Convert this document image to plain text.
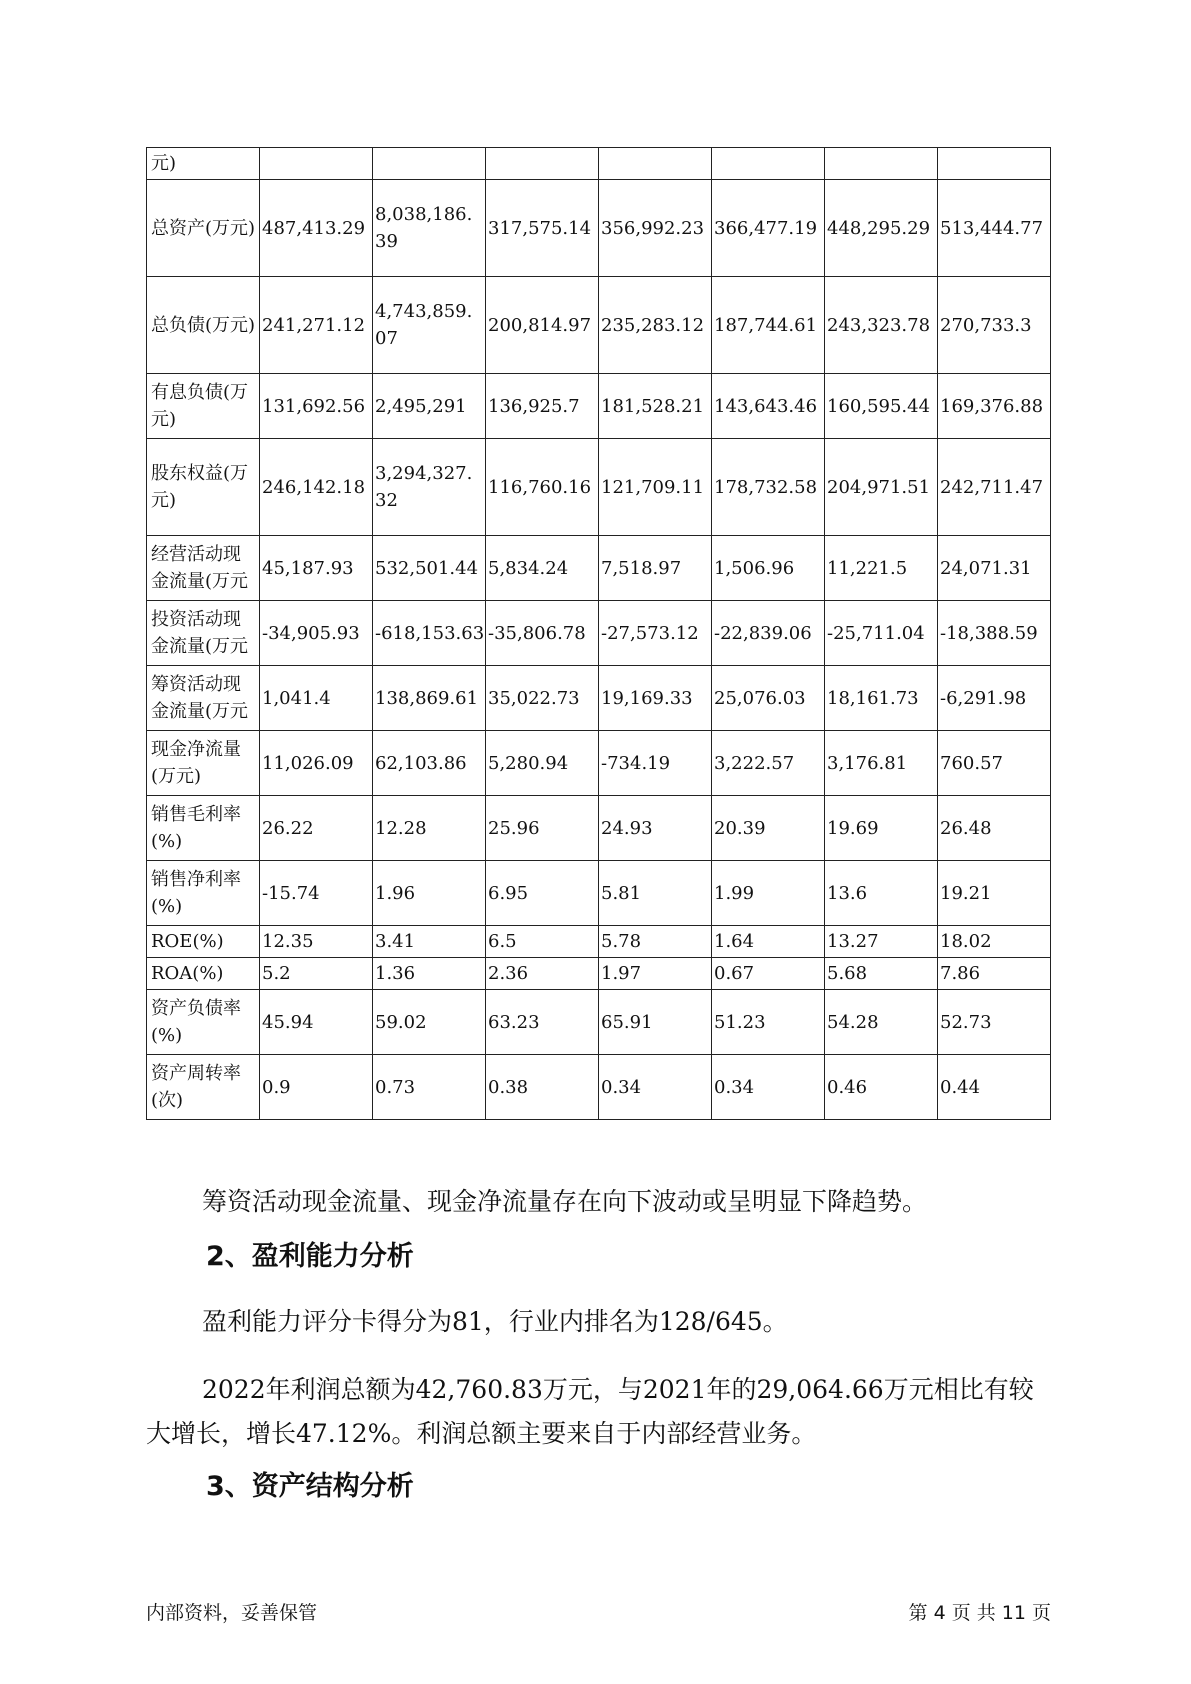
元)							
总资产(万元)	487,413.29	8,038,186.39	317,575.14	356,992.23	366,477.19	448,295.29	513,444.77
总负债(万元)	241,271.12	4,743,859.07	200,814.97	235,283.12	187,744.61	243,323.78	270,733.3
有息负债(万元)	131,692.56	2,495,291	136,925.7	181,528.21	143,643.46	160,595.44	169,376.88
股东权益(万元)	246,142.18	3,294,327.32	116,760.16	121,709.11	178,732.58	204,971.51	242,711.47
经营活动现金流量(万元	45,187.93	532,501.44	5,834.24	7,518.97	1,506.96	11,221.5	24,071.31
投资活动现金流量(万元	-34,905.93	-618,153.63	-35,806.78	-27,573.12	-22,839.06	-25,711.04	-18,388.59
筹资活动现金流量(万元	1,041.4	138,869.61	35,022.73	19,169.33	25,076.03	18,161.73	-6,291.98
现金净流量(万元)	11,026.09	62,103.86	5,280.94	-734.19	3,222.57	3,176.81	760.57
销售毛利率(%)	26.22	12.28	25.96	24.93	20.39	19.69	26.48
销售净利率(%)	-15.74	1.96	6.95	5.81	1.99	13.6	19.21
ROE(%)	12.35	3.41	6.5	5.78	1.64	13.27	18.02
ROA(%)	5.2	1.36	2.36	1.97	0.67	5.68	7.86
资产负债率(%)	45.94	59.02	63.23	65.91	51.23	54.28	52.73
资产周转率(次)	0.9	0.73	0.38	0.34	0.34	0.46	0.44

筹资活动现金流量、现金净流量存在向下波动或呈明显下降趋势。

2、盈利能力分析

盈利能力评分卡得分为81，行业内排名为128/645。

2022年利润总额为42,760.83万元，与2021年的29,064.66万元相比有较大增长，增长47.12%。利润总额主要来自于内部经营业务。

3、资产结构分析

内部资料，妥善保管	第 4 页 共 11 页
